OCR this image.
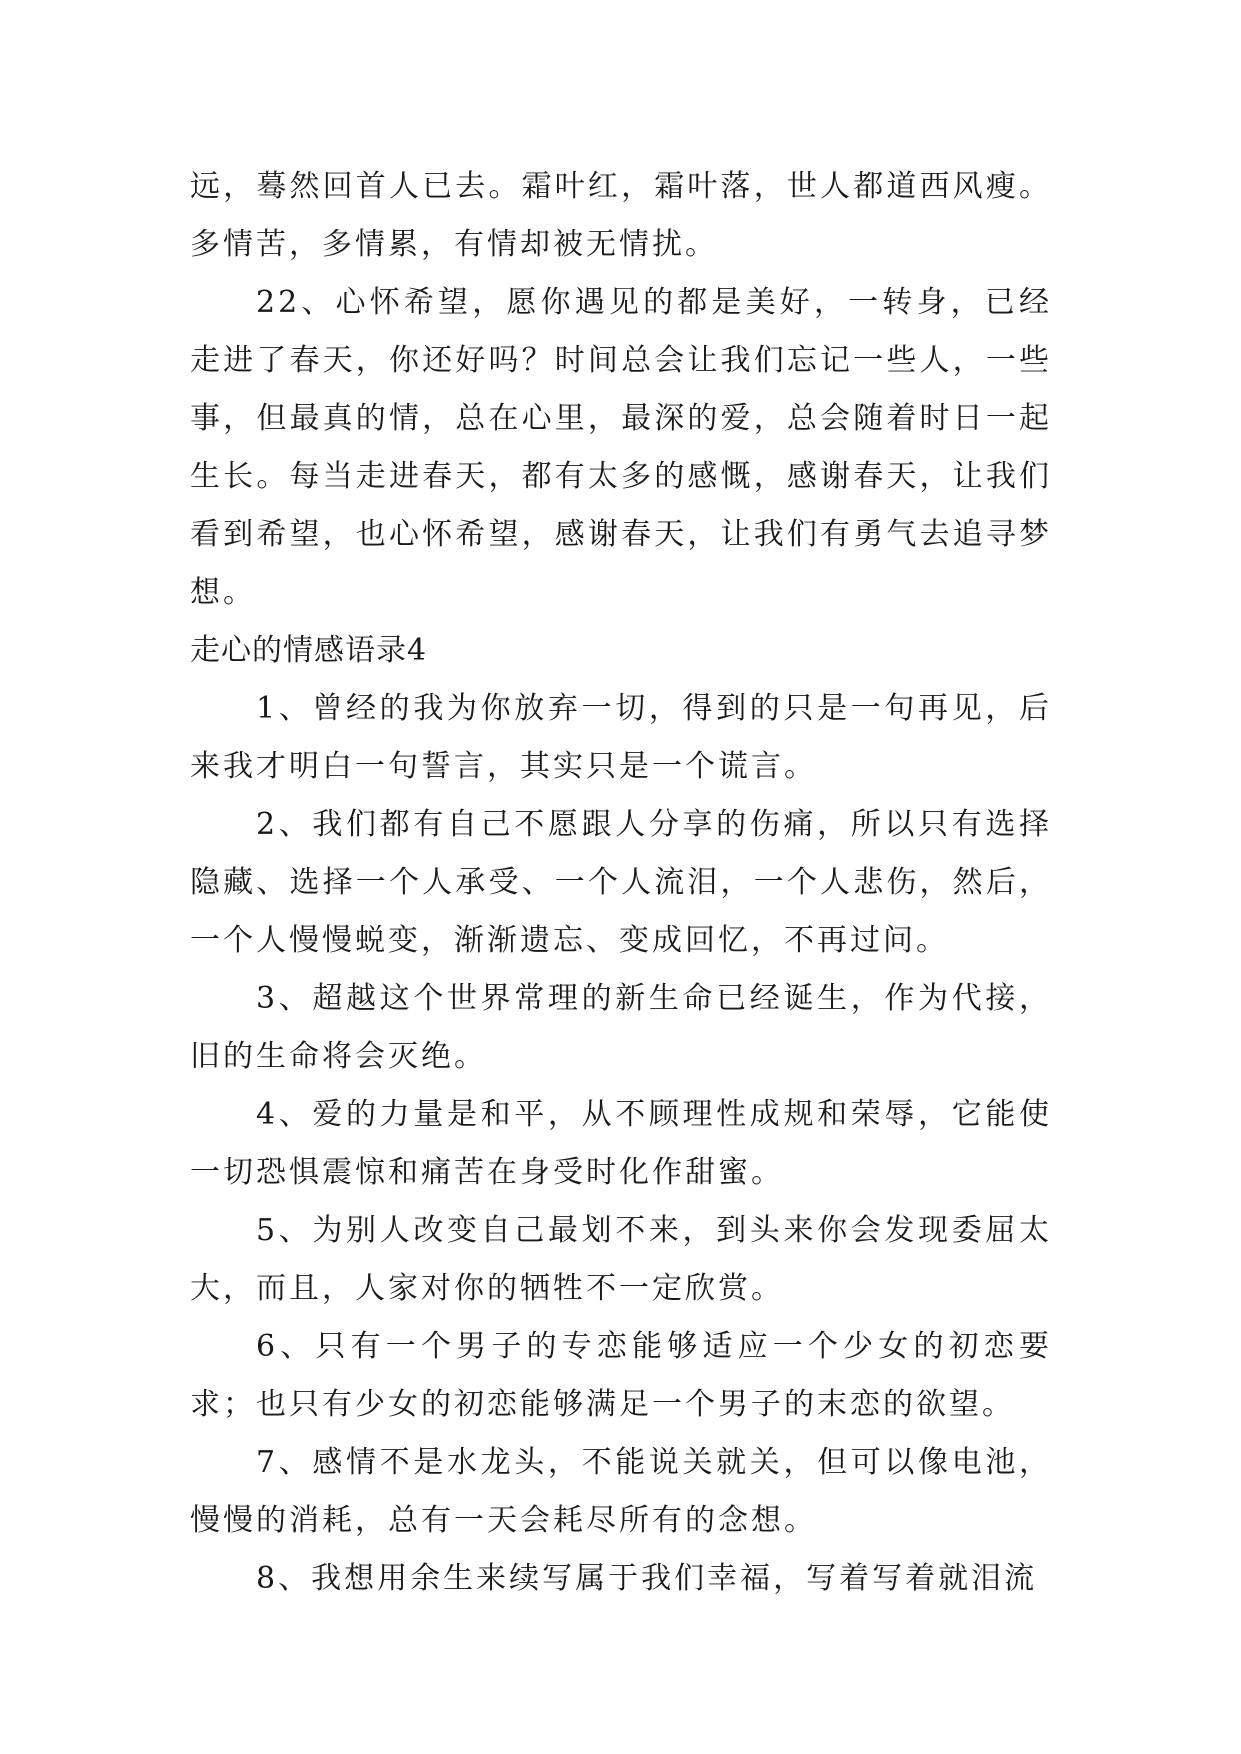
远，蓦然回首人已去。霜叶红，霜叶落，世人都道西风瘦。多情苦，多情累，有情却被无情扰。

22、心怀希望，愿你遇见的都是美好，一转身，已经走进了春天，你还好吗？时间总会让我们忘记一些人，一些事，但最真的情，总在心里，最深的爱，总会随着时日一起生长。每当走进春天，都有太多的感慨，感谢春天，让我们看到希望，也心怀希望，感谢春天，让我们有勇气去追寻梦想。

走心的情感语录4

1、曾经的我为你放弃一切，得到的只是一句再见，后来我才明白一句誓言，其实只是一个谎言。

2、我们都有自己不愿跟人分享的伤痛，所以只有选择隐藏、选择一个人承受、一个人流泪，一个人悲伤，然后，一个人慢慢蜕变，渐渐遗忘、变成回忆，不再过问。

3、超越这个世界常理的新生命已经诞生，作为代接，旧的生命将会灭绝。

4、爱的力量是和平，从不顾理性成规和荣辱，它能使一切恐惧震惊和痛苦在身受时化作甜蜜。

5、为别人改变自己最划不来，到头来你会发现委屈太大，而且，人家对你的牺牲不一定欣赏。

6、只有一个男子的专恋能够适应一个少女的初恋要求；也只有少女的初恋能够满足一个男子的末恋的欲望。

7、感情不是水龙头，不能说关就关，但可以像电池，慢慢的消耗，总有一天会耗尽所有的念想。

8、我想用余生来续写属于我们幸福，写着写着就泪流
